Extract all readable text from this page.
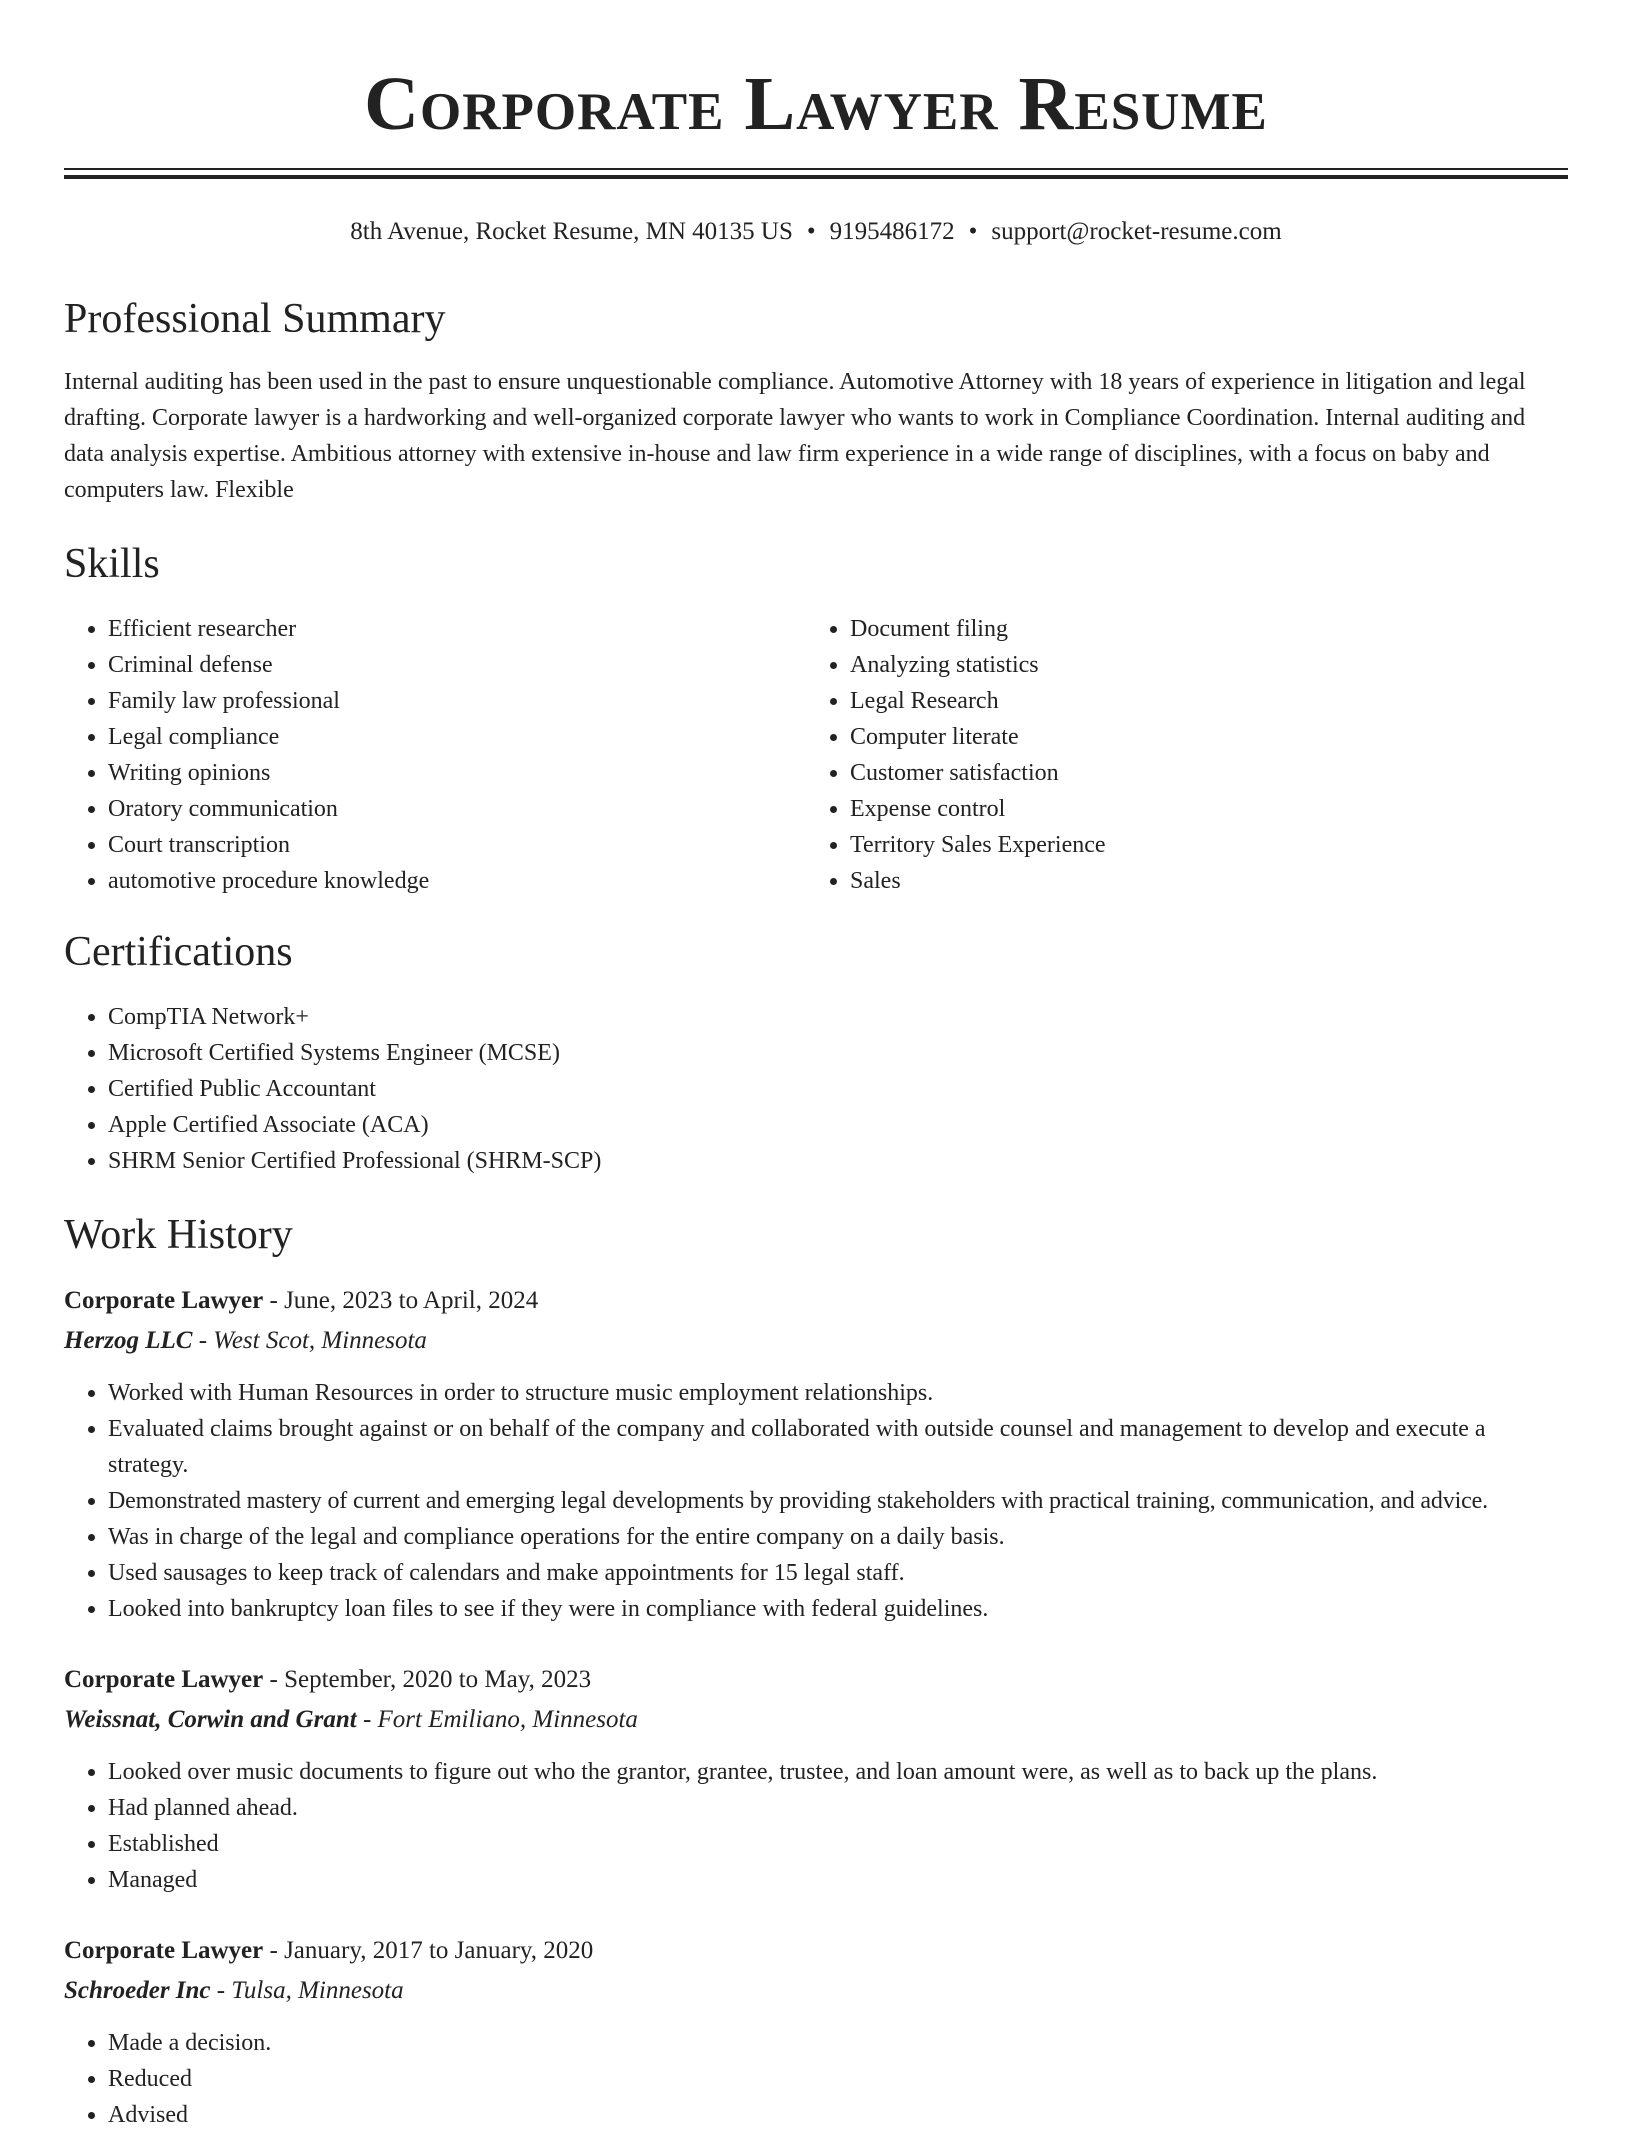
Corporate Lawyer Resume
8th Avenue, Rocket Resume, MN 40135 US • 9195486172 • support@rocket-resume.com
Professional Summary

Internal auditing has been used in the past to ensure unquestionable compliance. Automotive Attorney with 18 years of experience in litigation and legal drafting. Corporate lawyer is a hardworking and well-organized corporate lawyer who wants to work in Compliance Coordination. Internal auditing and data analysis expertise. Ambitious attorney with extensive in-house and law firm experience in a wide range of disciplines, with a focus on baby and computers law. Flexible

Skills
• Efficient researcher
• Criminal defense
• Family law professional
• Legal compliance
• Writing opinions
• Oratory communication
• Court transcription
• automotive procedure knowledge
• Document filing
• Analyzing statistics
• Legal Research
• Computer literate
• Customer satisfaction
• Expense control
• Territory Sales Experience
• Sales
Certifications
• CompTIA Network+
• Microsoft Certified Systems Engineer (MCSE)
• Certified Public Accountant
• Apple Certified Associate (ACA)
• SHRM Senior Certified Professional (SHRM-SCP)
Work History
Corporate Lawyer - June, 2023 to April, 2024
Herzog LLC - West Scot, Minnesota
• Worked with Human Resources in order to structure music employment relationships.
• Evaluated claims brought against or on behalf of the company and collaborated with outside counsel and management to develop and execute a strategy.
• Demonstrated mastery of current and emerging legal developments by providing stakeholders with practical training, communication, and advice.
• Was in charge of the legal and compliance operations for the entire company on a daily basis.
• Used sausages to keep track of calendars and make appointments for 15 legal staff.
• Looked into bankruptcy loan files to see if they were in compliance with federal guidelines.
Corporate Lawyer - September, 2020 to May, 2023
Weissnat, Corwin and Grant - Fort Emiliano, Minnesota
• Looked over music documents to figure out who the grantor, grantee, trustee, and loan amount were, as well as to back up the plans.
• Had planned ahead.
• Established
• Managed
Corporate Lawyer - January, 2017 to January, 2020
Schroeder Inc - Tulsa, Minnesota
• Made a decision.
• Reduced
• Advised
